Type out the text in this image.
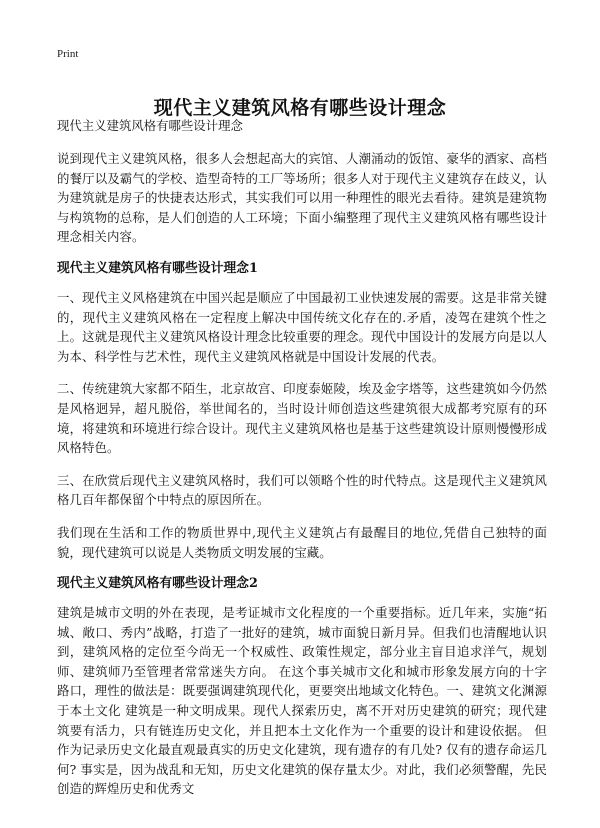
Print
现代主义建筑风格有哪些设计理念

现代主义建筑风格有哪些设计理念

说到现代主义建筑风格，很多人会想起高大的宾馆、人潮涌动的饭馆、豪华的酒家、高档的餐厅以及霸气的学校、造型奇特的工厂等场所；很多人对于现代主义建筑存在歧义，认为建筑就是房子的快捷表达形式，其实我们可以用一种理性的眼光去看待。建筑是建筑物与构筑物的总称，是人们创造的人工环境；下面小编整理了现代主义建筑风格有哪些设计理念相关内容。

现代主义建筑风格有哪些设计理念1

一、现代主义风格建筑在中国兴起是顺应了中国最初工业快速发展的需要。这是非常关键的，现代主义建筑风格在一定程度上解决中国传统文化存在的.矛盾，凌驾在建筑个性之上。这就是现代主义建筑风格设计理念比较重要的理念。现代中国设计的发展方向是以人为本、科学性与艺术性，现代主义建筑风格就是中国设计发展的代表。

二、传统建筑大家都不陌生，北京故宫、印度泰姬陵，埃及金字塔等，这些建筑如今仍然是风格迥异，超凡脱俗，举世闻名的，当时设计师创造这些建筑很大成都考究原有的环境，将建筑和环境进行综合设计。现代主义建筑风格也是基于这些建筑设计原则慢慢形成风格特色。

三、在欣赏后现代主义建筑风格时，我们可以领略个性的时代特点。这是现代主义建筑风格几百年都保留个中特点的原因所在。

我们现在生活和工作的物质世界中,现代主义建筑占有最醒目的地位,凭借自己独特的面貌，现代建筑可以说是人类物质文明发展的宝藏。

现代主义建筑风格有哪些设计理念2

建筑是城市文明的外在表现，是考证城市文化程度的一个重要指标。近几年来，实施“拓城、敞口、秀内”战略，打造了一批好的建筑，城市面貌日新月异。但我们也清醒地认识到，建筑风格的定位至今尚无一个权威性、政策性规定，部分业主盲目追求洋气，规划师、建筑师乃至管理者常常迷失方向。 在这个事关城市文化和城市形象发展方向的十字路口，理性的做法是：既要强调建筑现代化，更要突出地域文化特色。一、建筑文化渊源于本土文化 建筑是一种文明成果。现代人探索历史，离不开对历史建筑的研究；现代建筑要有活力，只有链连历史文化，并且把本土文化作为一个重要的设计和建设依据。 但作为记录历史文化最直观最真实的历史文化建筑，现有遗存的有几处? 仅有的遗存命运几何? 事实是，因为战乱和无知，历史文化建筑的保存量太少。对此，我们必须警醒，先民创造的辉煌历史和优秀文
